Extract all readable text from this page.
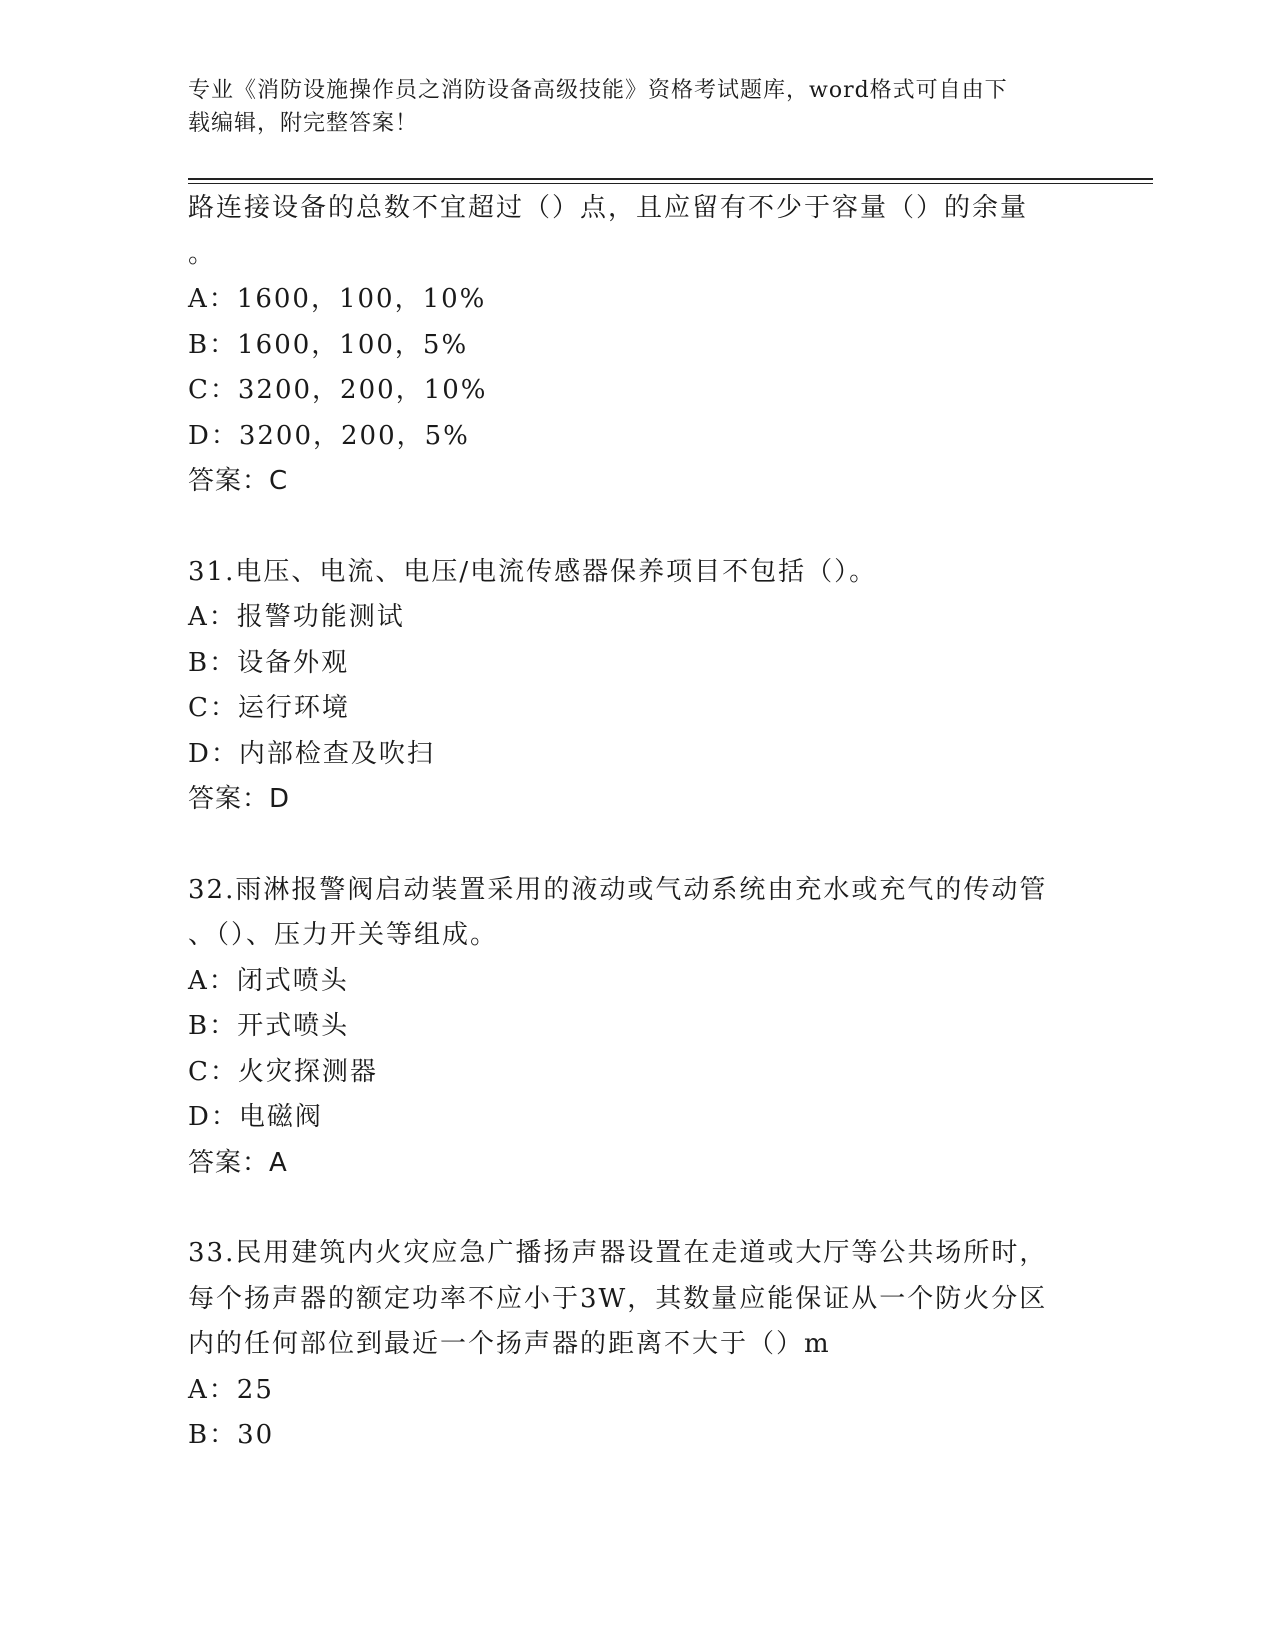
专业《消防设施操作员之消防设备高级技能》资格考试题库，word格式可自由下
载编辑，附完整答案！
路连接设备的总数不宜超过（）点，且应留有不少于容量（）的余量
。
A：1600，100，10%
B：1600，100，5%
C：3200，200，10%
D：3200，200，5%
答案：C
31.电压、电流、电压/电流传感器保养项目不包括（）。
A：报警功能测试
B：设备外观
C：运行环境
D：内部检查及吹扫
答案：D
32.雨淋报警阀启动装置采用的液动或气动系统由充水或充气的传动管
、（）、压力开关等组成。
A：闭式喷头
B：开式喷头
C：火灾探测器
D：电磁阀
答案：A
33.民用建筑内火灾应急广播扬声器设置在走道或大厅等公共场所时，
每个扬声器的额定功率不应小于3W，其数量应能保证从一个防火分区
内的任何部位到最近一个扬声器的距离不大于（）m
A：25
B：30
